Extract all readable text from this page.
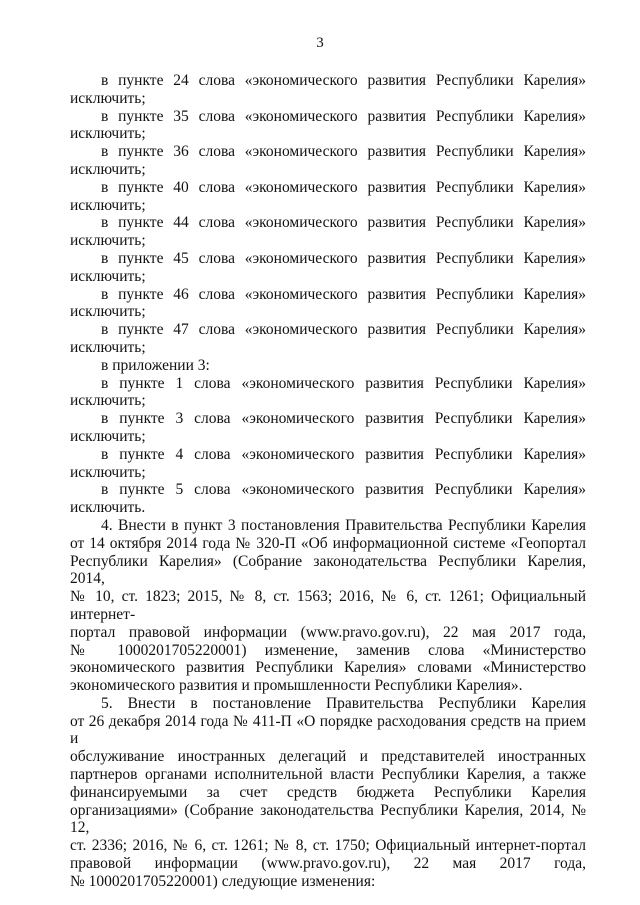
3
в пункте 24 слова «экономического развития Республики Карелия»
исключить;
в пункте 35 слова «экономического развития Республики Карелия»
исключить;
в пункте 36 слова «экономического развития Республики Карелия»
исключить;
в пункте 40 слова «экономического развития Республики Карелия»
исключить;
в пункте 44 слова «экономического развития Республики Карелия»
исключить;
в пункте 45 слова «экономического развития Республики Карелия»
исключить;
в пункте 46 слова «экономического развития Республики Карелия»
исключить;
в пункте 47 слова «экономического развития Республики Карелия»
исключить;
в приложении 3:
в пункте 1 слова «экономического развития Республики Карелия»
исключить;
в пункте 3 слова «экономического развития Республики Карелия»
исключить;
в пункте 4 слова «экономического развития Республики Карелия»
исключить;
в пункте 5 слова «экономического развития Республики Карелия»
исключить.
4. Внести в пункт 3 постановления Правительства Республики Карелия
от 14 октября 2014 года № 320-П «Об информационной системе «Геопортал
Республики Карелия» (Собрание законодательства Республики Карелия, 2014,
№ 10, ст. 1823; 2015, № 8, ст. 1563; 2016, № 6, ст. 1261; Официальный интернет-
портал правовой информации (www.pravo.gov.ru), 22 мая 2017 года,
№ 1000201705220001) изменение, заменив слова «Министерство
экономического развития Республики Карелия» словами «Министерство
экономического развития и промышленности Республики Карелия».
5. Внести в постановление Правительства Республики Карелия
от 26 декабря 2014 года № 411-П «О порядке расходования средств на прием и
обслуживание иностранных делегаций и представителей иностранных
партнеров органами исполнительной власти Республики Карелия, а также
финансируемыми за счет средств бюджета Республики Карелия
организациями» (Собрание законодательства Республики Карелия, 2014, № 12,
ст. 2336; 2016, № 6, ст. 1261; № 8, ст. 1750; Официальный интернет-портал
правовой информации (www.pravo.gov.ru), 22 мая 2017 года,
№ 1000201705220001) следующие изменения:
